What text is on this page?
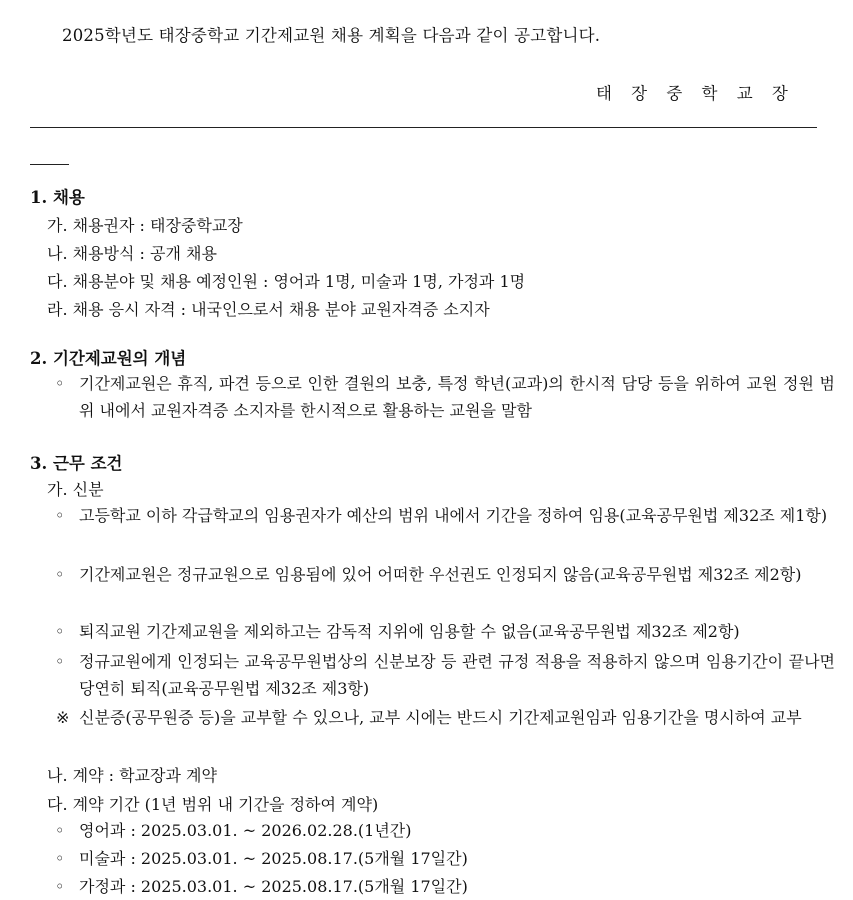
2025학년도 태장중학교 기간제교원 채용 계획을 다음과 같이 공고합니다.
태 장 중 학 교 장
1. 채용
가. 채용권자 : 태장중학교장
나. 채용방식 : 공개 채용
다. 채용분야 및 채용 예정인원 : 영어과 1명, 미술과 1명, 가정과 1명
라. 채용 응시 자격 : 내국인으로서 채용 분야 교원자격증 소지자
2. 기간제교원의 개념
◦ 기간제교원은 휴직, 파견 등으로 인한 결원의 보충, 특정 학년(교과)의 한시적 담당 등을 위하여 교원 정원 범위 내에서 교원자격증 소지자를 한시적으로 활용하는 교원을 말함
3. 근무 조건
가. 신분
◦ 고등학교 이하 각급학교의 임용권자가 예산의 범위 내에서 기간을 정하여 임용(교육공무원법 제32조 제1항)
◦ 기간제교원은 정규교원으로 임용됨에 있어 어떠한 우선권도 인정되지 않음(교육공무원법 제32조 제2항)
◦ 퇴직교원 기간제교원을 제외하고는 감독적 지위에 임용할 수 없음(교육공무원법 제32조 제2항)
◦ 정규교원에게 인정되는 교육공무원법상의 신분보장 등 관련 규정 적용을 적용하지 않으며 임용기간이 끝나면 당연히 퇴직(교육공무원법 제32조 제3항)
※ 신분증(공무원증 등)을 교부할 수 있으나, 교부 시에는 반드시 기간제교원임과 임용기간을 명시하여 교부
나. 계약 : 학교장과 계약
다. 계약 기간 (1년 범위 내 기간을 정하여 계약)
◦ 영어과 : 2025.03.01. ~ 2026.02.28.(1년간)
◦ 미술과 : 2025.03.01. ~ 2025.08.17.(5개월 17일간)
◦ 가정과 : 2025.03.01. ~ 2025.08.17.(5개월 17일간)
